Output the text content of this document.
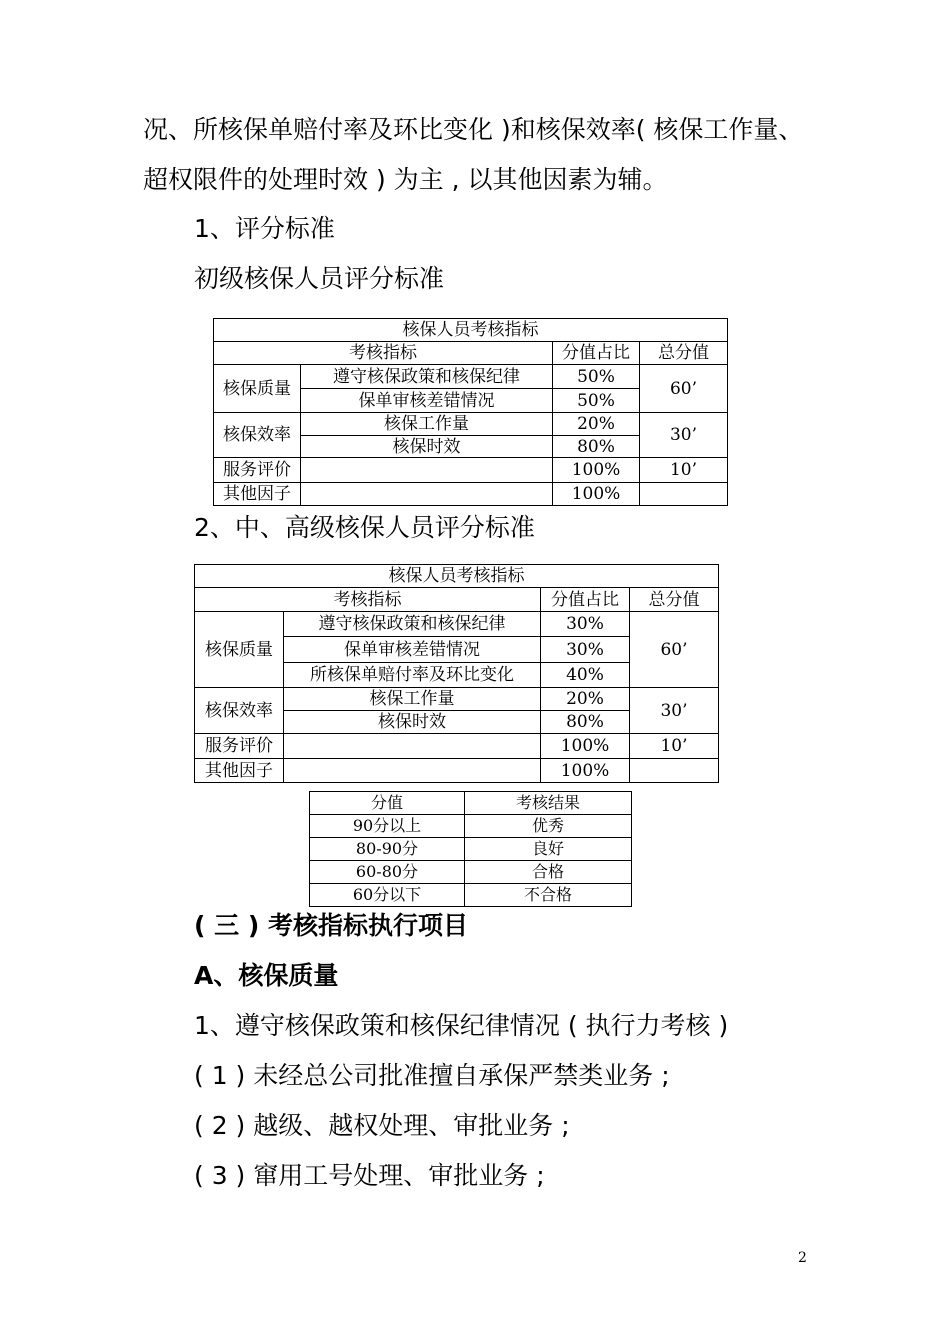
况、所核保单赔付率及环比变化 )和核保效率( 核保工作量、
超权限件的处理时效 ) 为主 , 以其他因素为辅。
1、评分标准
初级核保人员评分标准
核保人员考核指标			
考核指标		分值占比	总分值
核保质量	遵守核保政策和核保纪律	50%	60’
	保单审核差错情况	50%	
核保效率	核保工作量	20%	30’
	核保时效	80%	
服务评价		100%	10’
其他因子		100%	
2、中、高级核保人员评分标准
核保人员考核指标			
考核指标		分值占比	总分值
核保质量	遵守核保政策和核保纪律	30%	60’
	保单审核差错情况	30%	
	所核保单赔付率及环比变化	40%	
核保效率	核保工作量	20%	30’
	核保时效	80%	
服务评价		100%	10’
其他因子		100%	
分值	考核结果
90分以上	优秀
80-90分	良好
60-80分	合格
60分以下	不合格
( 三 ) 考核指标执行项目
A、核保质量
1、遵守核保政策和核保纪律情况 ( 执行力考核 )
( 1 ) 未经总公司批准擅自承保严禁类业务 ;
( 2 ) 越级、越权处理、审批业务 ;
( 3 ) 窜用工号处理、审批业务 ;
2
